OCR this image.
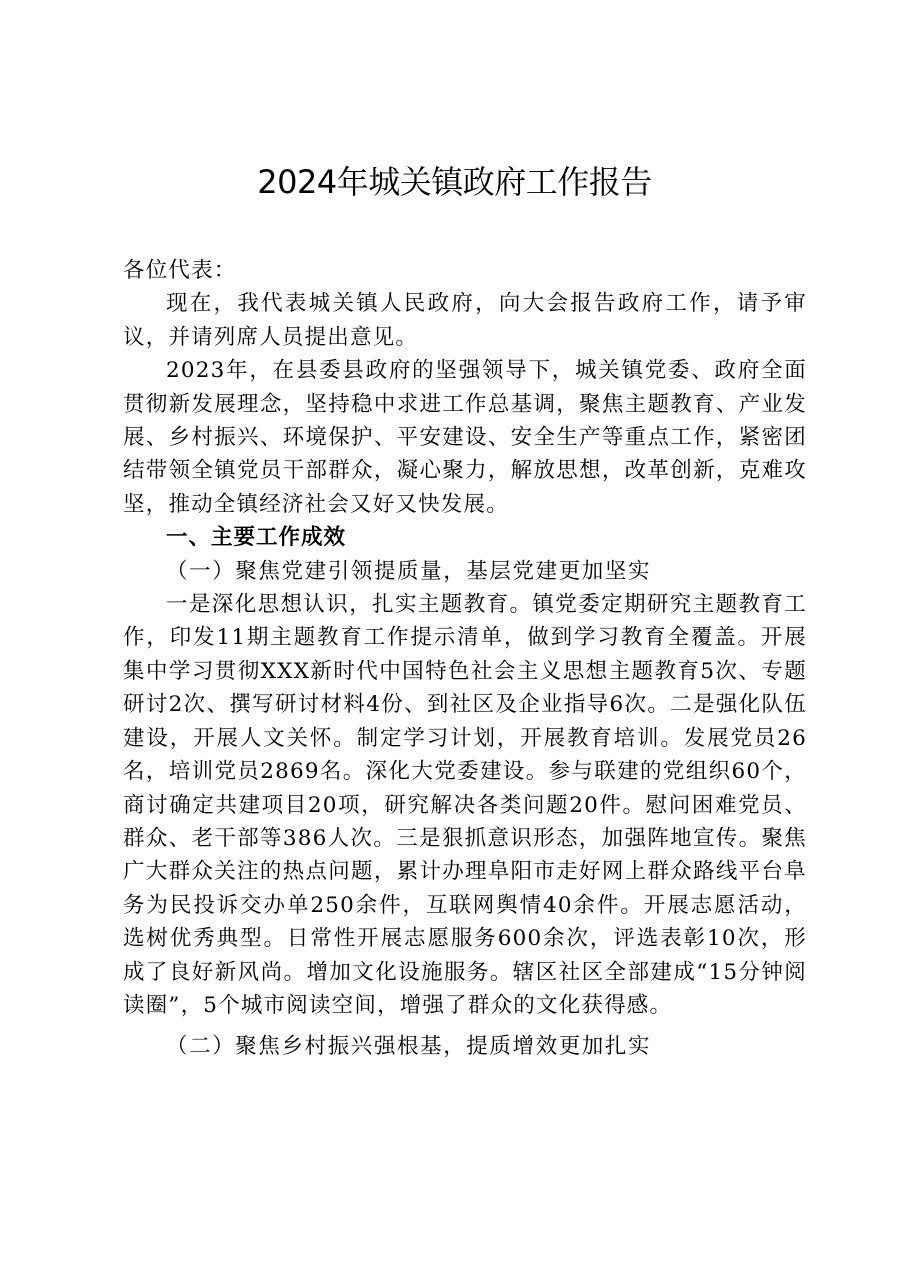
2024年城关镇政府工作报告

各位代表：

现在，我代表城关镇人民政府，向大会报告政府工作，请予审议，并请列席人员提出意见。

2023年，在县委县政府的坚强领导下，城关镇党委、政府全面贯彻新发展理念，坚持稳中求进工作总基调，聚焦主题教育、产业发展、乡村振兴、环境保护、平安建设、安全生产等重点工作，紧密团结带领全镇党员干部群众，凝心聚力，解放思想，改革创新，克难攻坚，推动全镇经济社会又好又快发展。

一、主要工作成效

（一）聚焦党建引领提质量，基层党建更加坚实

一是深化思想认识，扎实主题教育。镇党委定期研究主题教育工作，印发11期主题教育工作提示清单，做到学习教育全覆盖。开展集中学习贯彻XXX新时代中国特色社会主义思想主题教育5次、专题研讨2次、撰写研讨材料4份、到社区及企业指导6次。二是强化队伍建设，开展人文关怀。制定学习计划，开展教育培训。发展党员26名，培训党员2869名。深化大党委建设。参与联建的党组织60个，商讨确定共建项目20项，研究解决各类问题20件。慰问困难党员、群众、老干部等386人次。三是狠抓意识形态，加强阵地宣传。聚焦广大群众关注的热点问题，累计办理阜阳市走好网上群众路线平台阜务为民投诉交办单250余件，互联网舆情40余件。开展志愿活动，选树优秀典型。日常性开展志愿服务600余次，评选表彰10次，形成了良好新风尚。增加文化设施服务。辖区社区全部建成“15分钟阅读圈”，5个城市阅读空间，增强了群众的文化获得感。

（二）聚焦乡村振兴强根基，提质增效更加扎实
